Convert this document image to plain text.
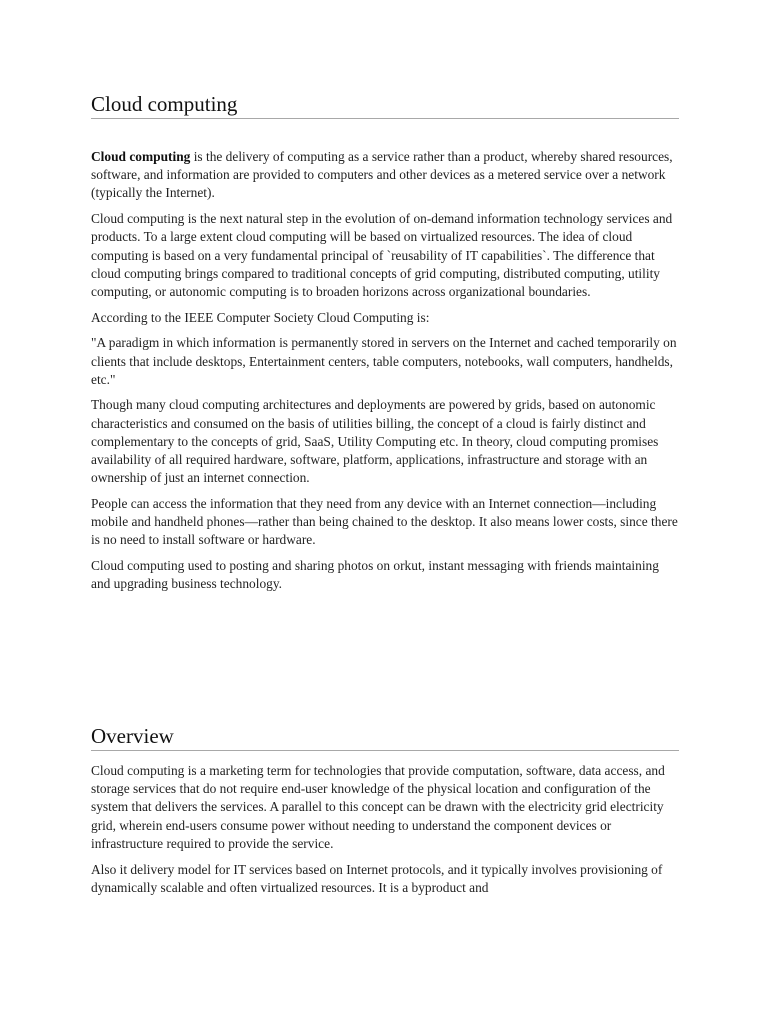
Cloud computing

Cloud computing is the delivery of computing as a service rather than a product, whereby shared resources, software, and information are provided to computers and other devices as a metered service over a network (typically the Internet).

Cloud computing is the next natural step in the evolution of on-demand information technology services and products. To a large extent cloud computing will be based on virtualized resources. The idea of cloud computing is based on a very fundamental principal of `reusability of IT capabilities`. The difference that cloud computing brings compared to traditional concepts of grid computing, distributed computing, utility computing, or autonomic computing is to broaden horizons across organizational boundaries.

According to the IEEE Computer Society Cloud Computing is:

"A paradigm in which information is permanently stored in servers on the Internet and cached temporarily on clients that include desktops, Entertainment centers, table computers, notebooks, wall computers, handhelds, etc."

Though many cloud computing architectures and deployments are powered by grids, based on autonomic characteristics and consumed on the basis of utilities billing, the concept of a cloud is fairly distinct and complementary to the concepts of grid, SaaS, Utility Computing etc. In theory, cloud computing promises availability of all required hardware, software, platform, applications, infrastructure and storage with an ownership of just an internet connection.

People can access the information that they need from any device with an Internet connection—including mobile and handheld phones—rather than being chained to the desktop. It also means lower costs, since there is no need to install software or hardware.

Cloud computing used to posting and sharing photos on orkut, instant messaging with friends maintaining and upgrading business technology.

Overview

Cloud computing is a marketing term for technologies that provide computation, software, data access, and storage services that do not require end-user knowledge of the physical location and configuration of the system that delivers the services. A parallel to this concept can be drawn with the electricity grid electricity grid, wherein end-users consume power without needing to understand the component devices or infrastructure required to provide the service.

Also it delivery model for IT services based on Internet protocols, and it typically involves provisioning of dynamically scalable and often virtualized resources. It is a byproduct and
